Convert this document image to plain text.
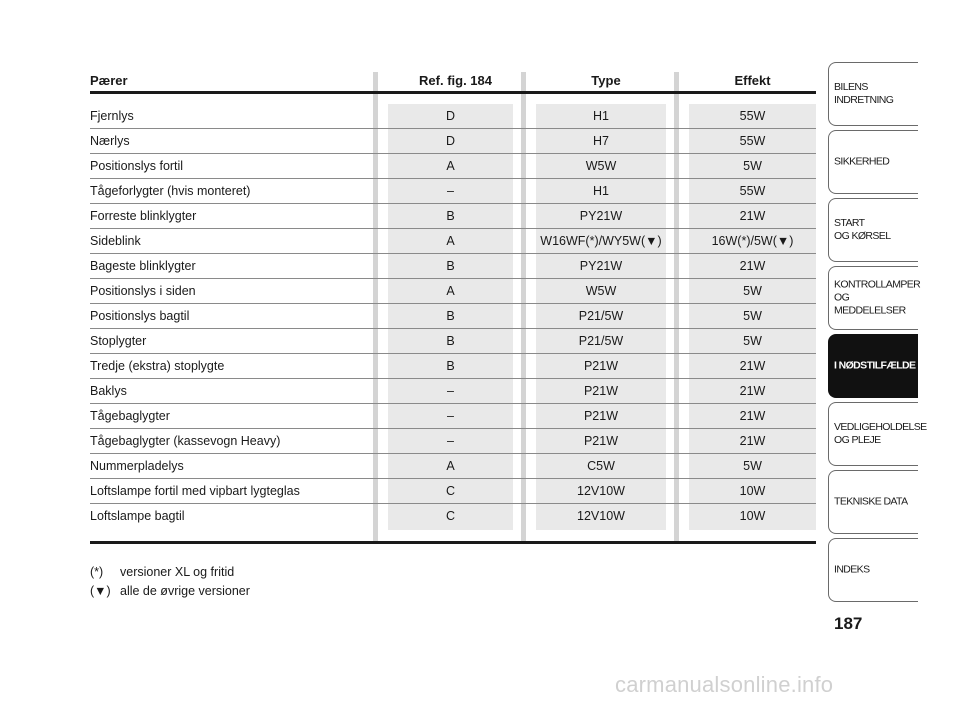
Pærer	Ref. fig. 184	Type	Effekt
Fjernlys	D	H1	55W
Nærlys	D	H7	55W
Positionslys fortil	A	W5W	5W
Tågeforlygter (hvis monteret)	–	H1	55W
Forreste blinklygter	B	PY21W	21W
Sideblink	A	W16WF(*)/WY5W(▼)	16W(*)/5W(▼)
Bageste blinklygter	B	PY21W	21W
Positionslys i siden	A	W5W	5W
Positionslys bagtil	B	P21/5W	5W
Stoplygter	B	P21/5W	5W
Tredje (ekstra) stoplygte	B	P21W	21W
Baklys	–	P21W	21W
Tågebaglygter	–	P21W	21W
Tågebaglygter (kassevogn Heavy)	–	P21W	21W
Nummerpladelys	A	C5W	5W
Loftslampe fortil med vipbart lygteglas	C	12V10W	10W
Loftslampe bagtil	C	12V10W	10W
(*) versioner XL og fritid
(▼) alle de øvrige versioner
BILENS
INDRETNING
SIKKERHED
START
OG KØRSEL
KONTROLLAMPER
OG MEDDELELSER
I NØDSTILFÆLDE
VEDLIGEHOLDELSE
OG PLEJE
TEKNISKE DATA
INDEKS
187
carmanualsonline.info
